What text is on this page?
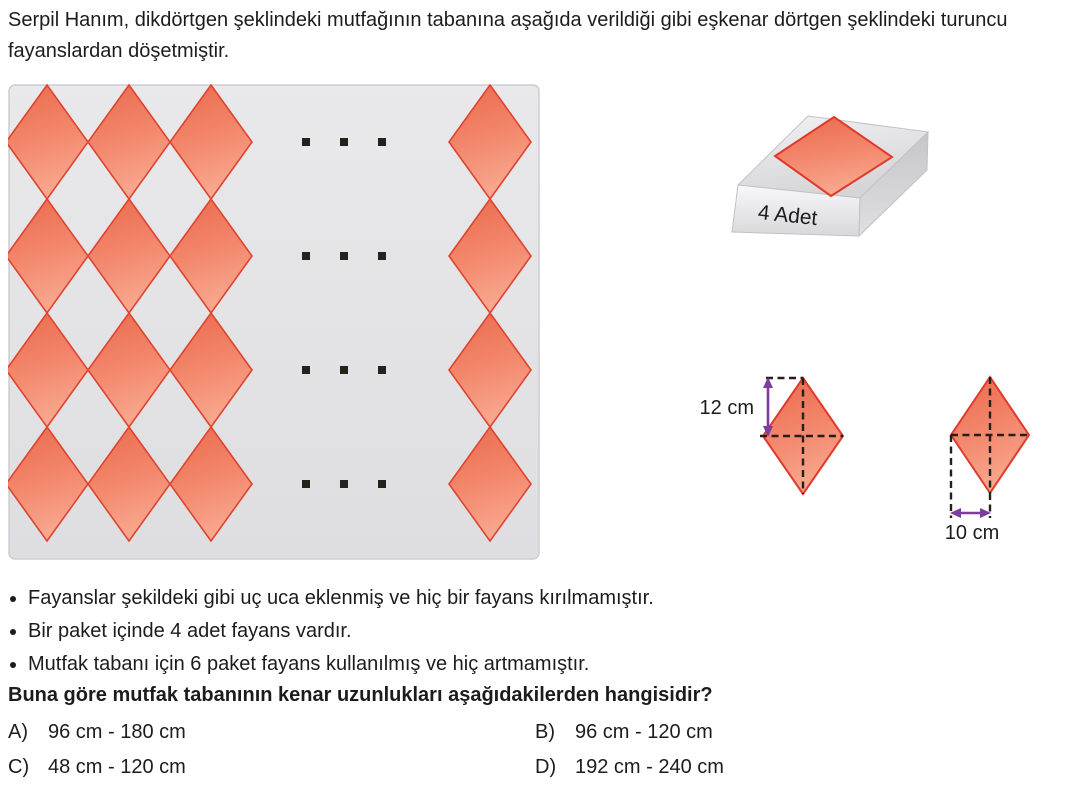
Serpil Hanım, dikdörtgen şeklindeki mutfağının tabanına aşağıda verildiği gibi eşkenar dörtgen şeklindeki turuncu fayanslardan döşetmiştir.
4 Adet
12 cm
10 cm
• Fayanslar şekildeki gibi uç uca eklenmiş ve hiç bir fayans kırılmamıştır.
• Bir paket içinde 4 adet fayans vardır.
• Mutfak tabanı için 6 paket fayans kullanılmış ve hiç artmamıştır.
Buna göre mutfak tabanının kenar uzunlukları aşağıdakilerden hangisidir?
A)	96 cm - 180 cm	B)	96 cm - 120 cm
C) 48 cm - 120 cm	D) 192 cm - 240 cm
